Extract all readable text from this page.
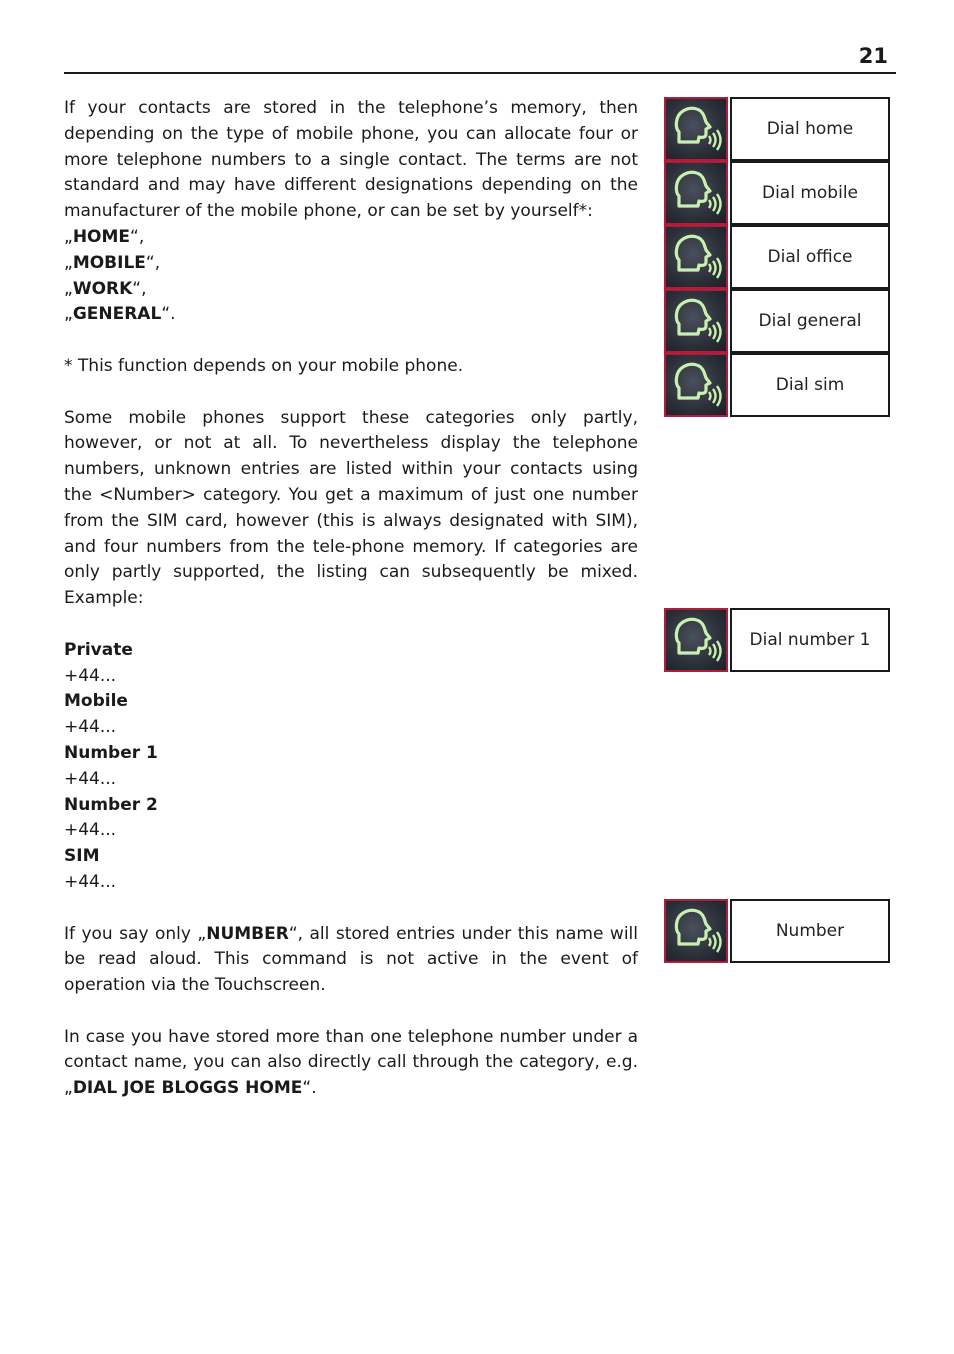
21

If your contacts are stored in the telephone’s memory, then depending on the type of mobile phone, you can allocate four or more telephone numbers to a single contact. The terms are not standard and may have different designations depending on the manufacturer of the mobile phone, or can be set by yourself*:

„HOME“,
„MOBILE“,
„WORK“,
„GENERAL“.
* This function depends on your mobile phone.

Some mobile phones support these categories only partly, however, or not at all. To nevertheless display the telephone numbers, unknown entries are listed within your contacts using the <Number> category. You get a maximum of just one number from the SIM card, however (this is always designated with SIM), and four numbers from the tele-phone memory. If categories are only partly supported, the listing can subsequently be mixed. Example:

Private
+44...
Mobile
+44...
Number 1
+44...
Number 2
+44...
SIM
+44...

If you say only „NUMBER“, all stored entries under this name will be read aloud. This command is not active in the event of operation via the Touchscreen.

In case you have stored more than one telephone number under a contact name, you can also directly call through the category, e.g. „DIAL JOE BLOGGS HOME“.

Dial home
Dial mobile
Dial office
Dial general
Dial sim
Dial number 1
Number
